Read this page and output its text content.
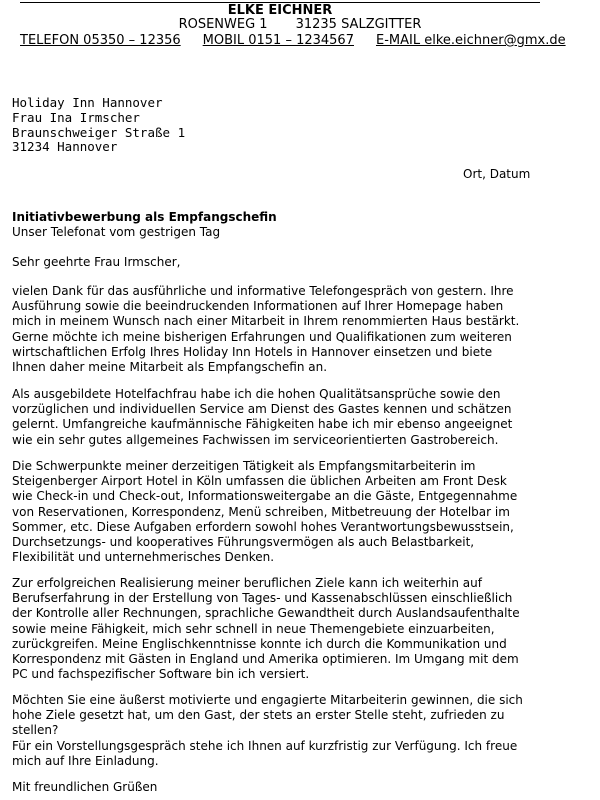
ELKE EICHNER
ROSENWEG 1 31235 SALZGITTER
TELEFON 05350 – 12356 MOBIL 0151 – 1234567 E-MAIL elke.eichner@gmx.de
Holiday Inn Hannover
Frau Ina Irmscher
Braunschweiger Straße 1
31234 Hannover
Ort, Datum
Initiativbewerbung als Empfangschefin
Unser Telefonat vom gestrigen Tag
Sehr geehrte Frau Irmscher,
vielen Dank für das ausführliche und informative Telefongespräch von gestern. Ihre
Ausführung sowie die beeindruckenden Informationen auf Ihrer Homepage haben
mich in meinem Wunsch nach einer Mitarbeit in Ihrem renommierten Haus bestärkt.
Gerne möchte ich meine bisherigen Erfahrungen und Qualifikationen zum weiteren
wirtschaftlichen Erfolg Ihres Holiday Inn Hotels in Hannover einsetzen und biete
Ihnen daher meine Mitarbeit als Empfangschefin an.
Als ausgebildete Hotelfachfrau habe ich die hohen Qualitätsansprüche sowie den
vorzüglichen und individuellen Service am Dienst des Gastes kennen und schätzen
gelernt. Umfangreiche kaufmännische Fähigkeiten habe ich mir ebenso angeeignet
wie ein sehr gutes allgemeines Fachwissen im serviceorientierten Gastrobereich.
Die Schwerpunkte meiner derzeitigen Tätigkeit als Empfangsmitarbeiterin im
Steigenberger Airport Hotel in Köln umfassen die üblichen Arbeiten am Front Desk
wie Check-in und Check-out, Informationsweitergabe an die Gäste, Entgegennahme
von Reservationen, Korrespondenz, Menü schreiben, Mitbetreuung der Hotelbar im
Sommer, etc. Diese Aufgaben erfordern sowohl hohes Verantwortungsbewusstsein,
Durchsetzungs- und kooperatives Führungsvermögen als auch Belastbarkeit,
Flexibilität und unternehmerisches Denken.
Zur erfolgreichen Realisierung meiner beruflichen Ziele kann ich weiterhin auf
Berufserfahrung in der Erstellung von Tages- und Kassenabschlüssen einschließlich
der Kontrolle aller Rechnungen, sprachliche Gewandtheit durch Auslandsaufenthalte
sowie meine Fähigkeit, mich sehr schnell in neue Themengebiete einzuarbeiten,
zurückgreifen. Meine Englischkenntnisse konnte ich durch die Kommunikation und
Korrespondenz mit Gästen in England und Amerika optimieren. Im Umgang mit dem
PC und fachspezifischer Software bin ich versiert.
Möchten Sie eine äußerst motivierte und engagierte Mitarbeiterin gewinnen, die sich
hohe Ziele gesetzt hat, um den Gast, der stets an erster Stelle steht, zufrieden zu
stellen?
Für ein Vorstellungsgespräch stehe ich Ihnen auf kurzfristig zur Verfügung. Ich freue
mich auf Ihre Einladung.
Mit freundlichen Grüßen
